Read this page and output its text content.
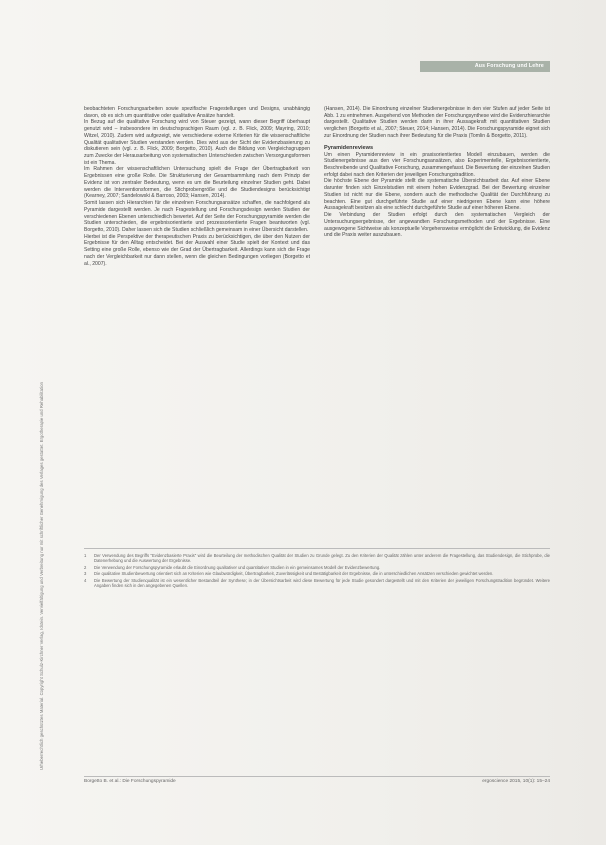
Urheberrechtlich geschütztes Material. Copyright Schulz-Kirchner Verlag, Idstein. Vervielfältigung und Verbreitung nur mit schriftlicher Genehmigung des Verlages gestattet. Ergotherapie und Rehabilitation
Aus Forschung und Lehre

beobachteten Forschungsarbeiten sowie spezifische Fragestellungen und Designs, unabhängig davon, ob es sich um quantitative oder qualitative Ansätze handelt.

In Bezug auf die qualitative Forschung wird von Steuer gezeigt, wann dieser Begriff überhaupt genutzt wird – insbesondere im deutschsprachigen Raum (vgl. z. B. Flick, 2009; Mayring, 2010; Witzel, 2010). Zudem wird aufgezeigt, wie verschiedene externe Kriterien für die wissenschaftliche Qualität qualitativer Studien verstanden werden. Dies wird aus der Sicht der Evidenzbasierung zu diskutieren sein (vgl. z. B. Flick, 2009; Borgetto, 2010). Auch die Bildung von Vergleichsgruppen zum Zwecke der Herausarbeitung von systematischen Unterschieden zwischen Versorgungsformen ist ein Thema.

Im Rahmen der wissenschaftlichen Untersuchung spielt die Frage der Übertragbarkeit von Ergebnissen eine große Rolle. Die Strukturierung der Gesamtsammlung nach dem Prinzip der Evidenz ist von zentraler Bedeutung, wenn es um die Beurteilung einzelner Studien geht. Dabei werden die Interventionsformen, die Stichprobengröße und die Studiendesigns berücksichtigt (Kearney, 2007; Sandelowski & Barroso, 2003; Hansen, 2014).

Somit lassen sich Hierarchien für die einzelnen Forschungsansätze schaffen, die nachfolgend als Pyramide dargestellt werden. Je nach Fragestellung und Forschungsdesign werden Studien der verschiedenen Ebenen unterschiedlich bewertet. Auf der Seite der Forschungspyramide werden die Studien unterschieden, die ergebnisorientierte und prozessorientierte Fragen beantworten (vgl. Borgetto, 2010). Daher lassen sich die Studien schließlich gemeinsam in einer Übersicht darstellen.

Hierbei ist die Perspektive der therapeutischen Praxis zu berücksichtigen, die über den Nutzen der Ergebnisse für den Alltag entscheidet. Bei der Auswahl einer Studie spielt der Kontext und das Setting eine große Rolle, ebenso wie der Grad der Übertragbarkeit. Allerdings kann sich die Frage nach der Vergleichbarkeit nur dann stellen, wenn die gleichen Bedingungen vorliegen (Borgetto et al., 2007).

(Hansen, 2014). Die Einordnung einzelner Studienergebnisse in den vier Stufen auf jeder Seite ist Abb. 1 zu entnehmen. Ausgehend von Methoden der Forschungsynthese wird die Evidenzhierarchie dargestellt. Qualitative Studien werden darin in ihrer Aussagekraft mit quantitativen Studien verglichen (Borgetto et al., 2007; Steuer, 2014; Hansen, 2014). Die Forschungspyramide eignet sich zur Einordnung der Studien nach ihrer Bedeutung für die Praxis (Tomlin & Borgetto, 2011).

Pyramidenreviews

Um einen Pyramidenreview in ein praxisorientiertes Modell einzubauen, werden die Studienergebnisse aus den vier Forschungsansätzen, also Experimentelle, Ergebnisorientierte, Beschreibende und Qualitative Forschung, zusammengefasst. Die Bewertung der einzelnen Studien erfolgt dabei nach den Kriterien der jeweiligen Forschungstradition.

Die höchste Ebene der Pyramide stellt die systematische Übersichtsarbeit dar. Auf einer Ebene darunter finden sich Einzelstudien mit einem hohen Evidenzgrad. Bei der Bewertung einzelner Studien ist nicht nur die Ebene, sondern auch die methodische Qualität der Durchführung zu beachten. Eine gut durchgeführte Studie auf einer niedrigeren Ebene kann eine höhere Aussagekraft besitzen als eine schlecht durchgeführte Studie auf einer höheren Ebene.

Die Verbindung der Studien erfolgt durch den systematischen Vergleich der Untersuchungsergebnisse, der angewandten Forschungsmethoden und der Ergebnisse. Eine ausgewogene Sichtweise als konzeptuelle Vorgehensweise ermöglicht die Entwicklung, die Evidenz und die Praxis weiter auszubauen.

1	Der Verwendung des Begriffs "Evidenzbasierte Praxis" wird die Beurteilung der methodischen Qualität der Studien zu Grunde gelegt. Zu den Kriterien der Qualität zählen unter anderem die Fragestellung, das Studiendesign, die Stichprobe, die Datenerhebung und die Auswertung der Ergebnisse.
2	Die Verwendung der Forschungspyramide erlaubt die Einordnung qualitativer und quantitativer Studien in ein gemeinsames Modell der Evidenzbewertung.
3	Die qualitative Studienbewertung orientiert sich an Kriterien wie Glaubwürdigkeit, Übertragbarkeit, Zuverlässigkeit und Bestätigbarkeit der Ergebnisse, die in unterschiedlichen Ansätzen verschieden gewichtet werden.
4	Die Bewertung der Studienqualität ist ein wesentlicher Bestandteil der Synthese; in der Übersichtsarbeit wird diese Bewertung für jede Studie gesondert dargestellt und mit den Kriterien der jeweiligen Forschungstradition begründet. Weitere Angaben finden sich in den angegebenen Quellen.
Borgetto B. et al.: Die Forschungspyramide	ergoscience 2015, 10(1): 15–24
